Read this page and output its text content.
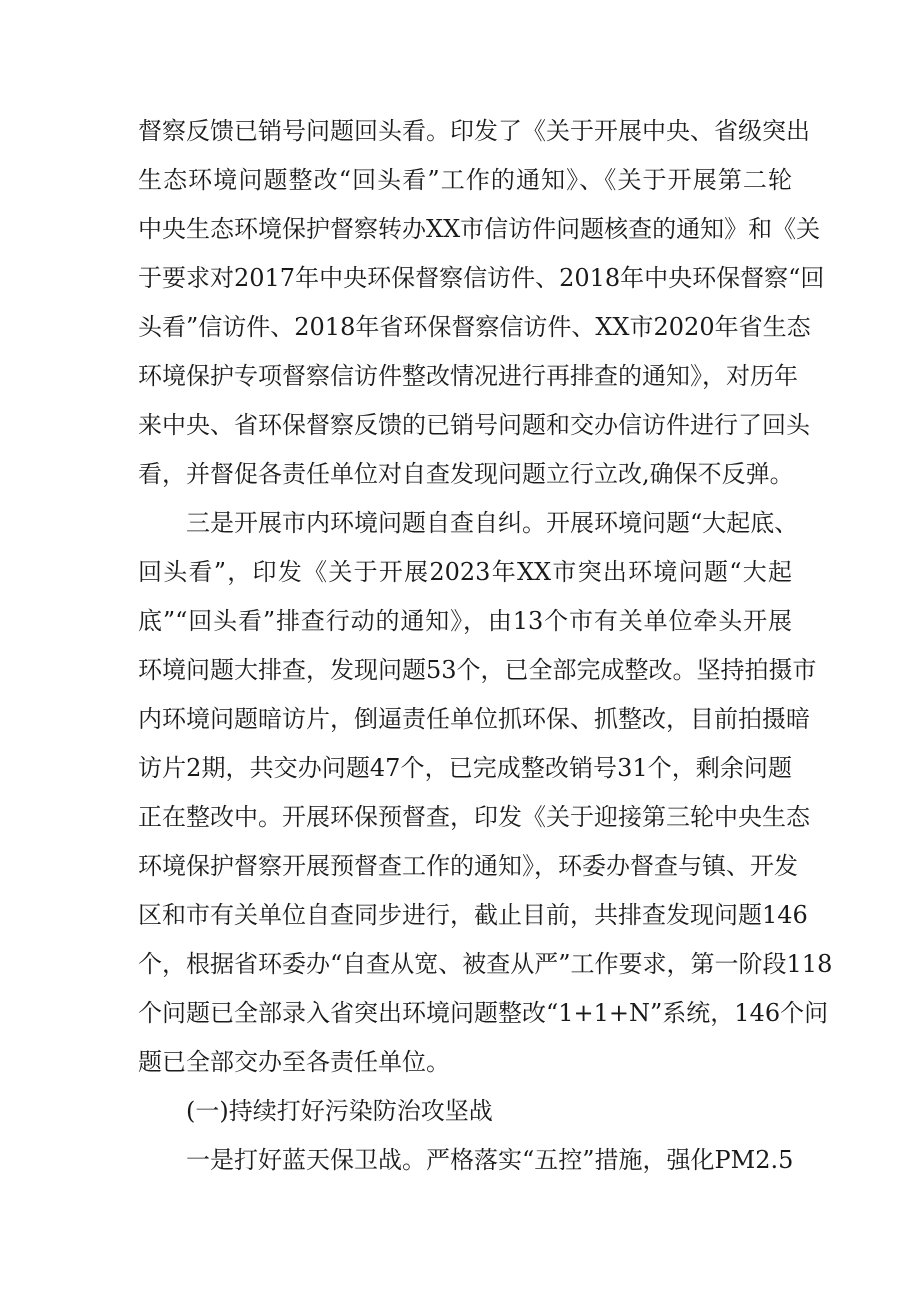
督察反馈已销号问题回头看。印发了《关于开展中央、省级突出
生态环境问题整改“回头看”工作的通知》、《关于开展第二轮
中央生态环境保护督察转办XX市信访件问题核查的通知》和《关
于要求对2017年中央环保督察信访件、2018年中央环保督察“回
头看”信访件、2018年省环保督察信访件、XX市2020年省生态
环境保护专项督察信访件整改情况进行再排查的通知》，对历年
来中央、省环保督察反馈的已销号问题和交办信访件进行了回头
看，并督促各责任单位对自查发现问题立行立改,确保不反弹。
三是开展市内环境问题自查自纠。开展环境问题“大起底、
回头看”，印发《关于开展2023年XX市突出环境问题“大起
底”“回头看”排查行动的通知》，由13个市有关单位牵头开展
环境问题大排查，发现问题53个，已全部完成整改。坚持拍摄市
内环境问题暗访片，倒逼责任单位抓环保、抓整改，目前拍摄暗
访片2期，共交办问题47个，已完成整改销号31个，剩余问题
正在整改中。开展环保预督查，印发《关于迎接第三轮中央生态
环境保护督察开展预督查工作的通知》，环委办督查与镇、开发
区和市有关单位自查同步进行，截止目前，共排查发现问题146
个，根据省环委办“自查从宽、被查从严”工作要求，第一阶段118
个问题已全部录入省突出环境问题整改“1+1+N”系统，146个问
题已全部交办至各责任单位。
(一)持续打好污染防治攻坚战
一是打好蓝天保卫战。严格落实“五控”措施，强化PM2.5
